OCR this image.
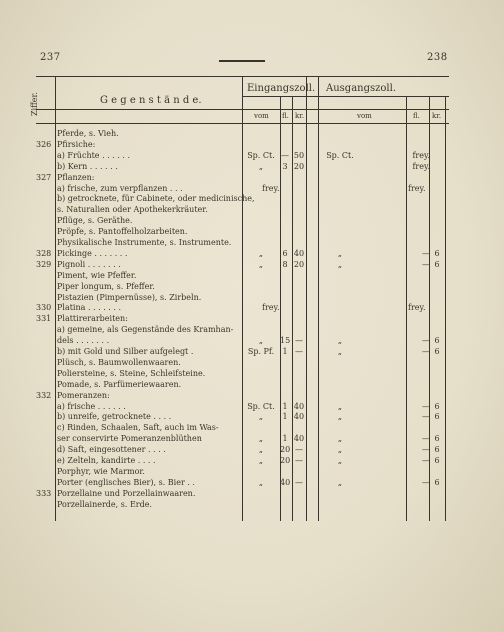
237	238
Ziffer.	G e g e n s t ä n d e.
Eingangszoll. Ausgangszoll.
vom fl. kr.	vom	fl. kr.
Pferde, s. Vieh.
326 Pfirsiche:
a) Früchte . . . . . .	Sp. Ct. — 50	Sp. Ct.	frey.
b) Kern . . . . . .	„	3 20	frey.
327 Pflanzen:
a) frische, zum verpflanzen . . .	frey.	frey.
b) getrocknete, für Cabinete, oder medicinische,
s. Naturalien oder Apothekerkräuter.
Pflüge, s. Geräthe.
Pröpfe, s. Pantoffelholzarbeiten.
Physikalische Instrumente, s. Instrumente.
328 Pickinge . . . . . . .	„	6 40	„	— 6
329 Pignoli . . . . . . .	„	8 20	„	— 6
Piment, wie Pfeffer.
Piper longum, s. Pfeffer.
Pistazien (Pimpernüsse), s. Zirbeln.
330 Platina . . . . . . .	frey.	frey.
331 Plattirerarbeiten:
a) gemeine, als Gegenstände des Kramhan-
dels . . . . . . .	„	15 —	„	— 6
b) mit Gold und Silber aufgelegt .	Sp. Pf.	1 —	„	— 6
Plüsch, s. Baumwollenwaaren.
Poliersteine, s. Steine, Schleifsteine.
Pomade, s. Parfümeriewaaren.
332 Pomeranzen:
a) frische . . . . . .	Sp. Ct. 1 40	„	— 6
b) unreife, getrocknete . . . .	„	1 40	„	— 6
c) Rinden, Schaalen, Saft, auch im Was-
ser conservirte Pomeranzenblüthen	„	1 40	„	— 6
d) Saft, eingesottener . . . .	„	20 —	„	— 6
e) Zelteln, kandirte . . . .	„	20 —	„	— 6
Porphyr, wie Marmor.
Porter (englisches Bier), s. Bier . .	„	40 —	„	— 6
333 Porzellaine und Porzellainwaaren.
Porzellainerde, s. Erde.
